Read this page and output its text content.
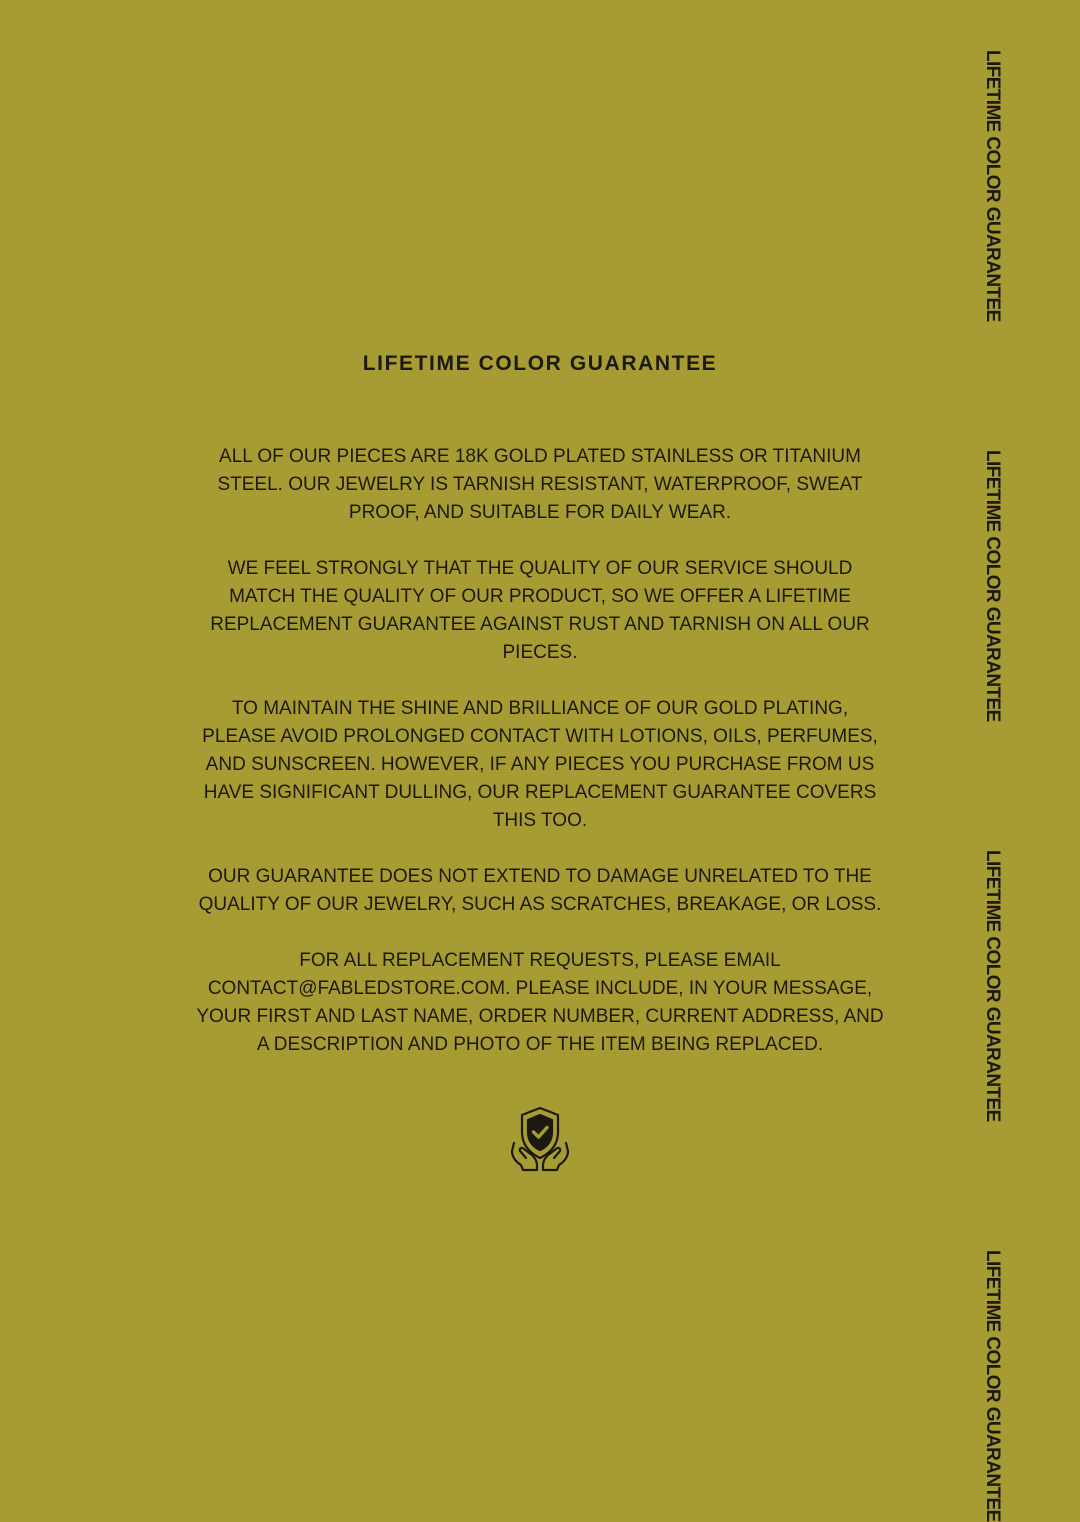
LIFETIME COLOR GUARANTEE

ALL OF OUR PIECES ARE 18K GOLD PLATED STAINLESS OR TITANIUM STEEL. OUR JEWELRY IS TARNISH RESISTANT, WATERPROOF, SWEAT PROOF, AND SUITABLE FOR DAILY WEAR.

WE FEEL STRONGLY THAT THE QUALITY OF OUR SERVICE SHOULD MATCH THE QUALITY OF OUR PRODUCT, SO WE OFFER A LIFETIME REPLACEMENT GUARANTEE AGAINST RUST AND TARNISH ON ALL OUR PIECES.

TO MAINTAIN THE SHINE AND BRILLIANCE OF OUR GOLD PLATING, PLEASE AVOID PROLONGED CONTACT WITH LOTIONS, OILS, PERFUMES, AND SUNSCREEN. HOWEVER, IF ANY PIECES YOU PURCHASE FROM US HAVE SIGNIFICANT DULLING, OUR REPLACEMENT GUARANTEE COVERS THIS TOO.

OUR GUARANTEE DOES NOT EXTEND TO DAMAGE UNRELATED TO THE QUALITY OF OUR JEWELRY, SUCH AS SCRATCHES, BREAKAGE, OR LOSS.

FOR ALL REPLACEMENT REQUESTS, PLEASE EMAIL CONTACT@FABLEDSTORE.COM. PLEASE INCLUDE, IN YOUR MESSAGE, YOUR FIRST AND LAST NAME, ORDER NUMBER, CURRENT ADDRESS, AND A DESCRIPTION AND PHOTO OF THE ITEM BEING REPLACED.

LIFETIME COLOR GUARANTEE
LIFETIME COLOR GUARANTEE
LIFETIME COLOR GUARANTEE
LIFETIME COLOR GUARANTEE
